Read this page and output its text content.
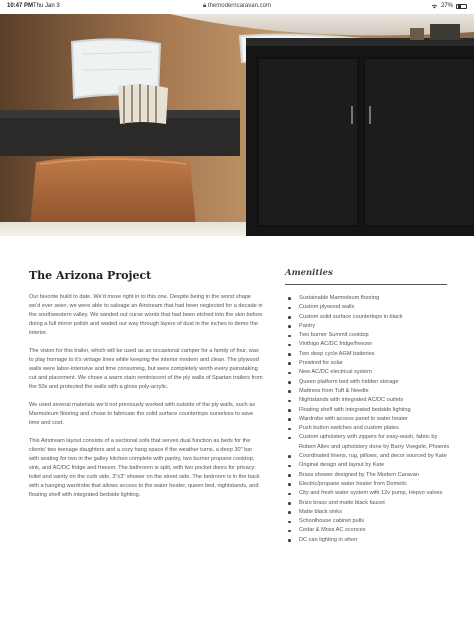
10:47 PM Thu Jan 3	🔒︎ themoderncaravan.com	27%
The Arizona Project

Our favorite build to date. We'd move right in to this one. Despite being in the worst shape we'd ever seen, we were able to salvage an Airstream that had been neglected for a decade in the southwestern valley. We sanded out curse words that had been etched into the skin before doing a full mirror polish and waded our way through layers of dust in the inches to demo the interior.

The vision for this trailer, which will be used as an occasional camper for a family of four, was to play homage to it's vintage lines while keeping the interior modern and clean. The plywood walls were labor-intensive and time consuming, but were completely worth every painstaking cut and placement. We chose a warm stain reminiscent of the ply walls of Spartan trailers from the 50s and protected the walls with a gloss poly-acrylic.

We used several materials we'd not previously worked with outside of the ply walls, such as Marmoleum flooring and chose to fabricate the solid surface countertops ourselves to save time and cost.

This Airstream layout consists of a sectional sofa that serves dual function as beds for the clients' two teenage daughters and a cozy hang space if the weather turns, a deep 30" bar with seating for two in the galley kitchen complete with pantry, two burner propane cooktop, sink, and AC/DC fridge and freezer. The bathroom is split, with two pocket doors for privacy: toilet and vanity on the curb side, 3"x3" shower on the street side. The bedroom is in the back with a hanging wardrobe that allows access to the water heater, queen bed, nightstands, and floating shelf with integrated bedside lighting.

Amenities
Sustainable Marmoleum flooring
Custom plywood walls
Custom solid surface countertops in black
Pantry
Two burner Summit cooktop
Vinthigo AC/DC fridge/freezer
Two deep cycle AGM batteries
Prewired for solar
New AC/DC electrical system
Queen platform bed with hidden storage
Mattress from Tuft & Needle
Nightstands with integrated AC/DC outlets
Floating shelf with integrated bedside lighting
Wardrobe with access panel to water heater
Push button switches and custom plates
Custom upholstery with zippers for easy-wash, fabric by Robert Allen and upholstery done by Barry Voegele, Phoenix
Coordinated linens, rug, pillows, and decor sourced by Kate
Original design and layout by Kate
Brass shower designed by The Modern Caravan
Electric/propane water heater from Dometic
City and fresh water system with 12v pump, Hepvo valves
Brizo brass and matte black faucet
Matte black sinks
Schoolhouse cabinet pulls
Cedar & Moss AC sconces
DC can lighting in silver
